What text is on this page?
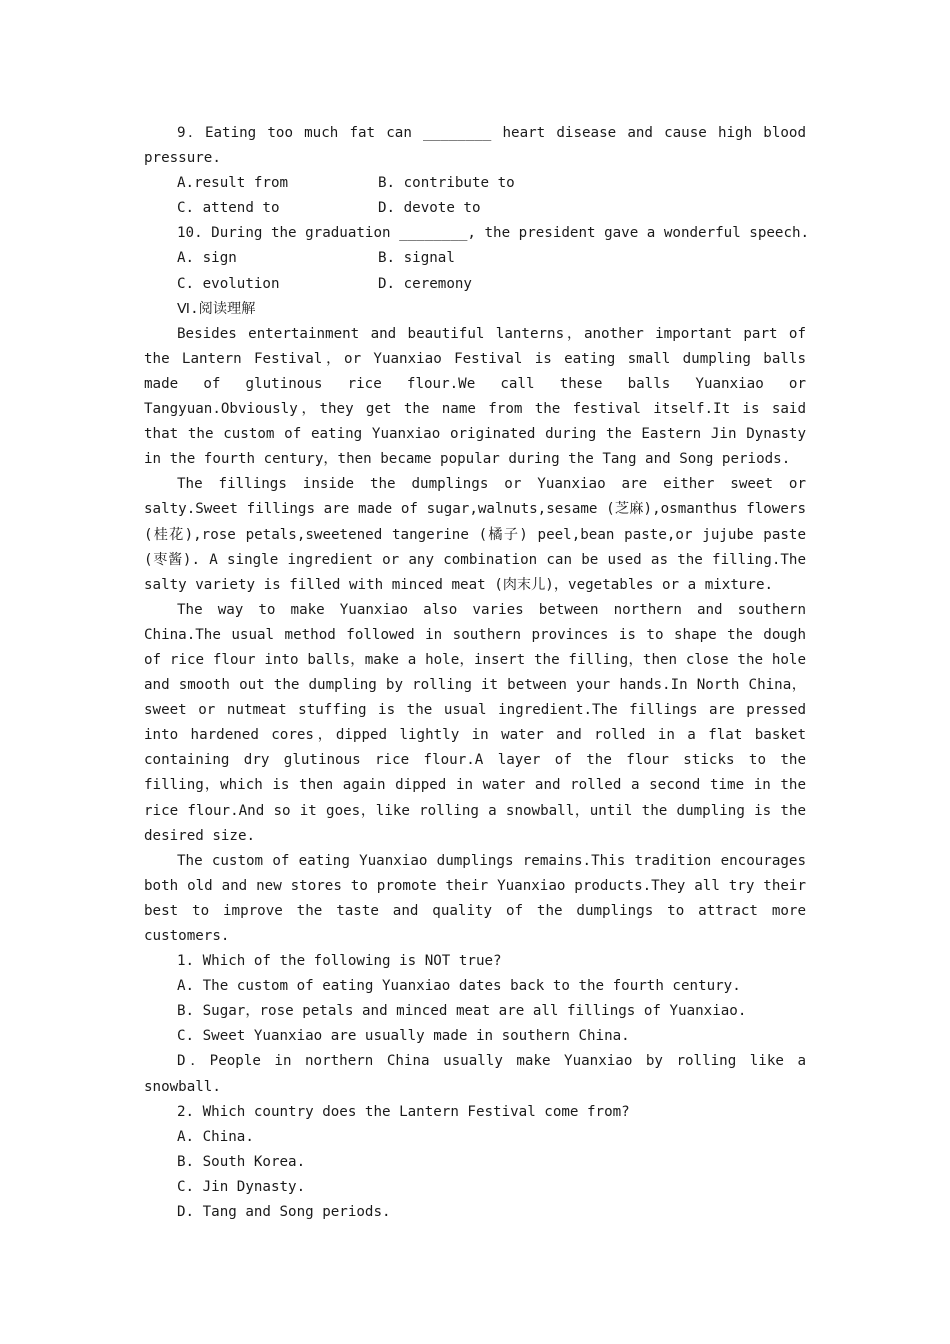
9．Eating too much fat can ________ heart disease and cause high blood pressure.

A.result from	B. contribute to
C. attend to	D. devote to

10. During the graduation ________, the president gave a wonderful speech.

A. sign	B. signal
C. evolution	D. ceremony

Ⅵ.阅读理解

Besides entertainment and beautiful lanterns，another important part of the Lantern Festival，or Yuanxiao Festival is eating small dumpling balls made of glutinous rice flour.We call these balls Yuanxiao or Tangyuan.Obviously，they get the name from the festival itself.It is said that the custom of eating Yuanxiao originated during the Eastern Jin Dynasty in the fourth century，then became popular during the Tang and Song periods.

The fillings inside the dumplings or Yuanxiao are either sweet or salty.Sweet fillings are made of sugar,walnuts,sesame (芝麻),osmanthus flowers (桂花),rose petals,sweetened tangerine (橘子) peel,bean paste,or jujube paste (枣酱). A single ingredient or any combination can be used as the filling.The salty variety is filled with minced meat (肉末儿)，vegetables or a mixture.

The way to make Yuanxiao also varies between northern and southern China.The usual method followed in southern provinces is to shape the dough of rice flour into balls，make a hole，insert the filling，then close the hole and smooth out the dumpling by rolling it between your hands.In North China，sweet or nutmeat stuffing is the usual ingredient.The fillings are pressed into hardened cores，dipped lightly in water and rolled in a flat basket containing dry glutinous rice flour.A layer of the flour sticks to the filling，which is then again dipped in water and rolled a second time in the rice flour.And so it goes，like rolling a snowball，until the dumpling is the desired size.

The custom of eating Yuanxiao dumplings remains.This tradition encourages both old and new stores to promote their Yuanxiao products.They all try their best to improve the taste and quality of the dumplings to attract more customers.

1. Which of the following is NOT true?

A. The custom of eating Yuanxiao dates back to the fourth century.

B. Sugar，rose petals and minced meat are all fillings of Yuanxiao.

C. Sweet Yuanxiao are usually made in southern China.

D．People in northern China usually make Yuanxiao by rolling like a snowball.

2. Which country does the Lantern Festival come from?

A. China.

B. South Korea.

C. Jin Dynasty.

D. Tang and Song periods.
